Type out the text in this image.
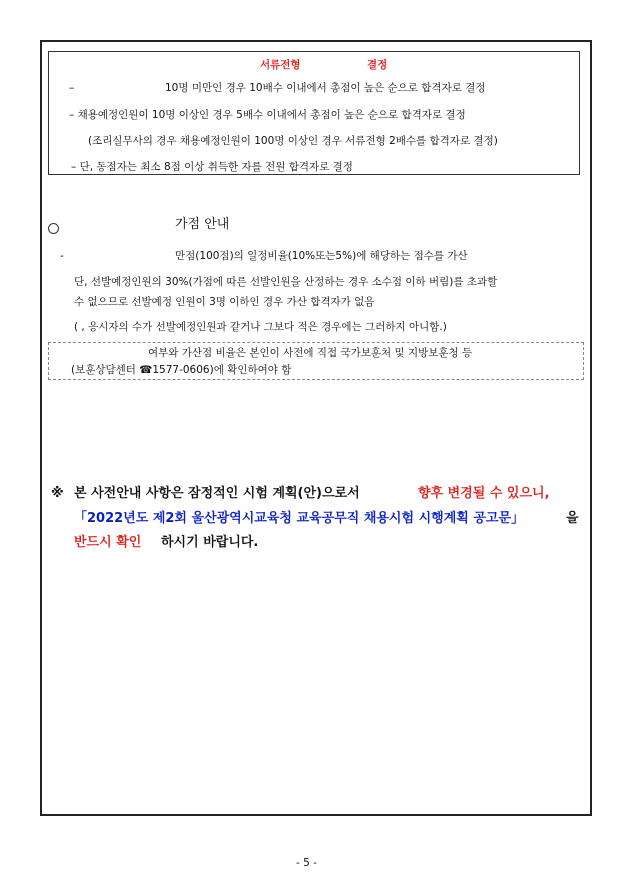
서류전형	결정
–	10명 미만인 경우 10배수 이내에서 총점이 높은 순으로 합격자로 결정
– 채용예정인원이 10명 이상인 경우 5배수 이내에서 총점이 높은 순으로 합격자로 결정
(조리실무사의 경우 채용예정인원이 100명 이상인 경우 서류전형 2배수를 합격자로 결정)
– 단, 동점자는 최소 8점 이상 취득한 자를 전원 합격자로 결정
가점 안내
-	만점(100점)의 일정비율(10%또는5%)에 해당하는 점수를 가산
단, 선발예정인원의 30%(가점에 따른 선발인원을 산정하는 경우 소수점 이하 버림)를 초과할
수 없으므로 선발예정 인원이 3명 이하인 경우 가산 합격자가 없음
( , 응시자의 수가 선발예정인원과 같거나 그보다 적은 경우에는 그러하지 아니함.)
여부와 가산점 비율은 본인이 사전에 직접 국가보훈처 및 지방보훈청 등
(보훈상담센터 ☎1577-0606)에 확인하여야 함
※ 본 사전안내 사항은 잠정적인 시험 계획(안)으로서	향후 변경될 수 있으니,
「2022년도 제2회 울산광역시교육청 교육공무직 채용시험 시행계획 공고문」	을
반드시 확인 하시기 바랍니다.
- 5 -
